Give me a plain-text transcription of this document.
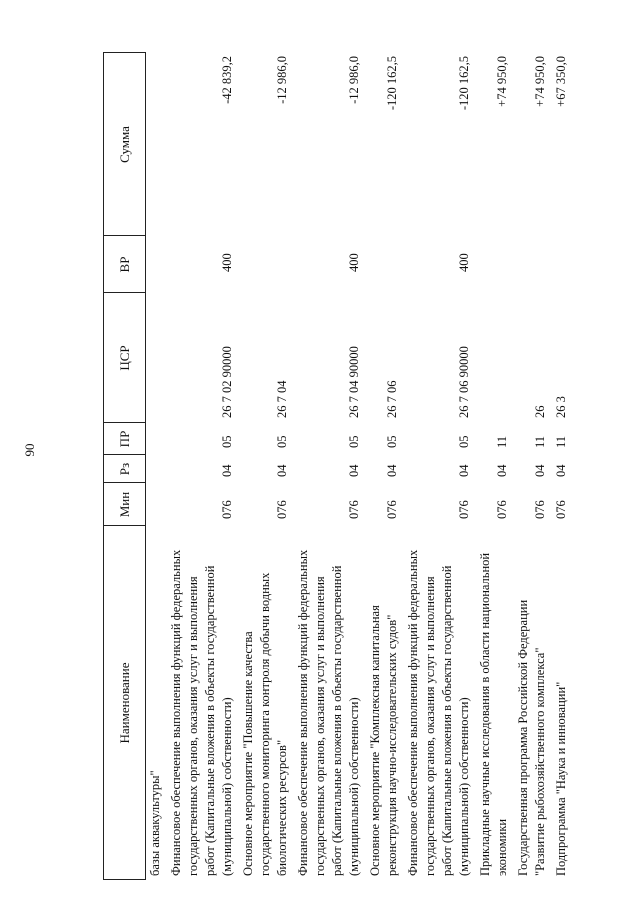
90
Наименование
Мин
Рз
ПР
ЦСР
ВР
Сумма
базы аквакультуры" Финансовое обеспечение выполнения функций федеральных государственных органов, оказания услуг и выполнения работ (Капитальные вложения в объекты государственной (муниципальной) собственности)
076
04
05
26 7 02 90000
400
-42 839,2
Основное мероприятие "Повышение качества государственного мониторинга контроля добычи водных биологических ресурсов"
076
04
05
26 7 04
-12 986,0
Финансовое обеспечение выполнения функций федеральных государственных органов, оказания услуг и выполнения работ (Капитальные вложения в объекты государственной (муниципальной) собственности)
076
04
05
26 7 04 90000
400
-12 986,0
Основное мероприятие "Комплексная капитальная реконструкция научно-исследовательских судов"
076
04
05
26 7 06
-120 162,5
Финансовое обеспечение выполнения функций федеральных государственных органов, оказания услуг и выполнения работ (Капитальные вложения в объекты государственной (муниципальной) собственности)
076
04
05
26 7 06 90000
400
-120 162,5
Прикладные научные исследования в области национальной экономики
076
04
11
+74 950,0
Государственная программа Российской Федерации "Развитие рыбохозяйственного комплекса"
076
04
11
26
+74 950,0
Подпрограмма "Наука и инновации"
076
04
11
26 3
+67 350,0
